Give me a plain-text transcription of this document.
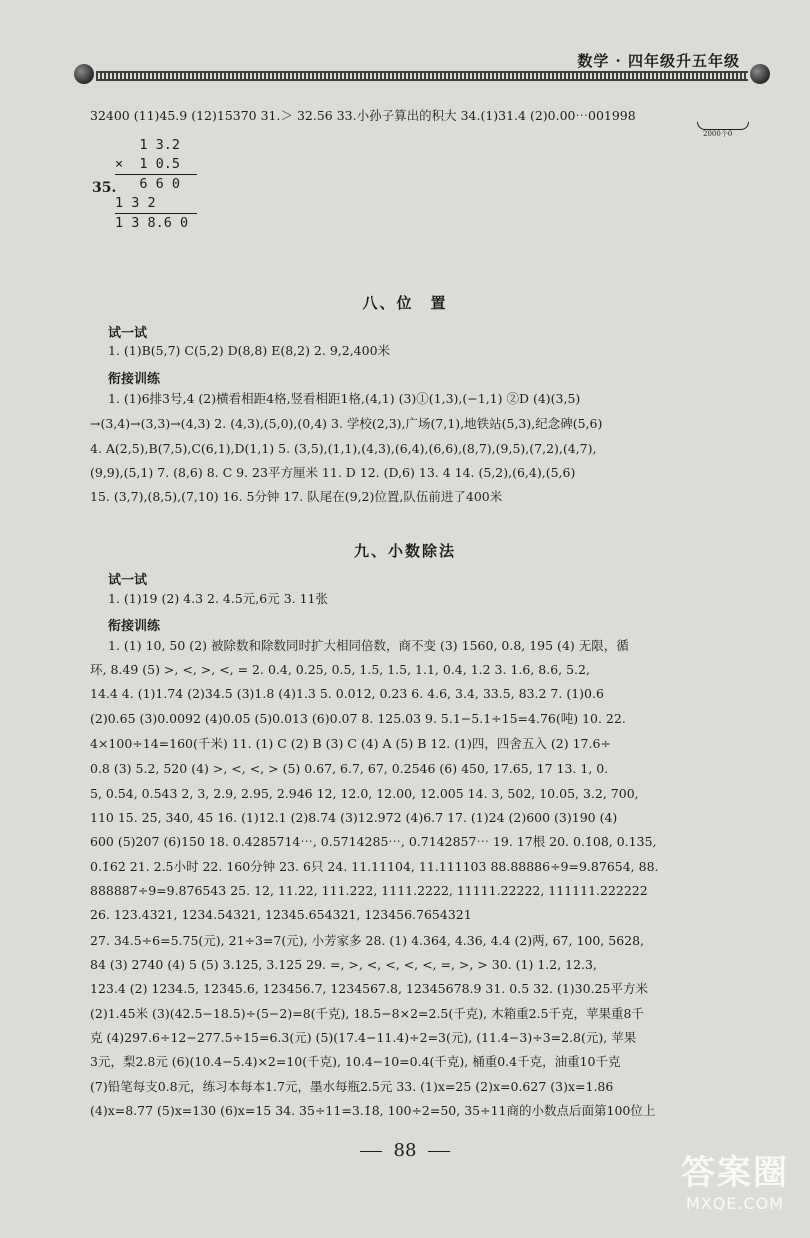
数学 · 四年级升五年级
32400 (11)45.9 (12)15370 31.＞ 32.56 33.小孙子算出的积大 34.(1)31.4 (2)0.00⋯001998
2000个0
35.
1 3.2
×  1 0.5
6 6 0
1 3 2
1 3 8.6 0
八、位　置
试一试
1. (1)B(5,7) C(5,2) D(8,8) E(8,2) 2. 9,2,400米
衔接训练
1. (1)6排3号,4 (2)横看相距4格,竖看相距1格,(4,1) (3)①(1,3),(−1,1) ②D (4)(3,5)
→(3,4)→(3,3)→(4,3) 2. (4,3),(5,0),(0,4) 3. 学校(2,3),广场(7,1),地铁站(5,3),纪念碑(5,6)
4. A(2,5),B(7,5),C(6,1),D(1,1) 5. (3,5),(1,1),(4,3),(6,4),(6,6),(8,7),(9,5),(7,2),(4,7),
(9,9),(5,1) 7. (8,6) 8. C 9. 23平方厘米 11. D 12. (D,6) 13. 4 14. (5,2),(6,4),(5,6)
15. (3,7),(8,5),(7,10) 16. 5分钟 17. 队尾在(9,2)位置,队伍前进了400米
九、小数除法
试一试
1. (1)19 (2) 4.3 2. 4.5元,6元 3. 11张
衔接训练
1. (1) 10, 50 (2) 被除数和除数同时扩大相同倍数，商不变 (3) 1560, 0.8, 195 (4) 无限，循
环, 8.4̇9̇ (5) >, <, >, <, = 2. 0.4, 0.25, 0.5, 1.5, 1.5, 1.1, 0.4, 1.2 3. 1.6, 8.6, 5.2,
14.4 4. (1)1.74 (2)34.5 (3)1.8 (4)1.3 5. 0.012, 0.23 6. 4.6, 3.4, 33.5, 83.2 7. (1)0.6
(2)0.65 (3)0.0092 (4)0.05 (5)0.013 (6)0.07 8. 125.03 9. 5.1−5.1÷15=4.76(吨) 10. 22.
4×100÷14=160(千米) 11. (1) C (2) B (3) C (4) A (5) B 12. (1)四，四舍五入 (2) 17.6÷
0.8 (3) 5.2, 520 (4) >, <, <, > (5) 0.67, 6.7, 67, 0.2546 (6) 450, 17.65, 17 13. 1, 0.
5, 0.54, 0.543 2, 3, 2.9, 2.95, 2.946 12, 12.0, 12.00, 12.005 14. 3, 502, 10.05, 3.2, 700,
110 15. 25, 340, 45 16. (1)12.1 (2)8.74 (3)12.972 (4)6.7 17. (1)24 (2)600 (3)190 (4)
600 (5)207 (6)150 18. 0.4285714⋯, 0.5714285⋯, 0.7142857⋯ 19. 17根 20. 0.1̇08̇, 0.13̇5̇,
0.1̇62̇ 21. 2.5小时 22. 160分钟 23. 6只 24. 11.11104, 11.111103 88.88886÷9=9.87654, 88.
888887÷9=9.876543 25. 12, 11.22, 111.222, 1111.2222, 11111.22222, 111111.222222
26. 123.4321, 1234.54321, 12345.654321, 123456.7654321
27. 34.5÷6=5.75(元), 21÷3=7(元), 小芳家多 28. (1) 4.364, 4.36, 4.4 (2)两, 67, 100, 5628,
84 (3) 2740 (4) 5 (5) 3.125, 3.125̇ 29. =, >, <, <, <, <, =, >, > 30. (1) 1.2, 12.3,
123.4 (2) 1234.5, 12345.6, 123456.7, 1234567.8, 12345678.9 31. 0.5 32. (1)30.25平方米
(2)1.45米 (3)(42.5−18.5)÷(5−2)=8(千克), 18.5−8×2=2.5(千克), 木箱重2.5千克，苹果重8千
克 (4)297.6÷12−277.5÷15=6.3(元) (5)(17.4−11.4)÷2=3(元), (11.4−3)÷3=2.8(元), 苹果
3元，梨2.8元 (6)(10.4−5.4)×2=10(千克), 10.4−10=0.4(千克), 桶重0.4千克，油重10千克
(7)铅笔每支0.8元，练习本每本1.7元，墨水每瓶2.5元 33. (1)x=25 (2)x=0.627 (3)x=1.86
(4)x=8.77 (5)x=130 (6)x=15 34. 35÷11=3.1̇8̇, 100÷2=50, 35÷11商的小数点后面第100位上
88
答案圈
MXQE.COM
